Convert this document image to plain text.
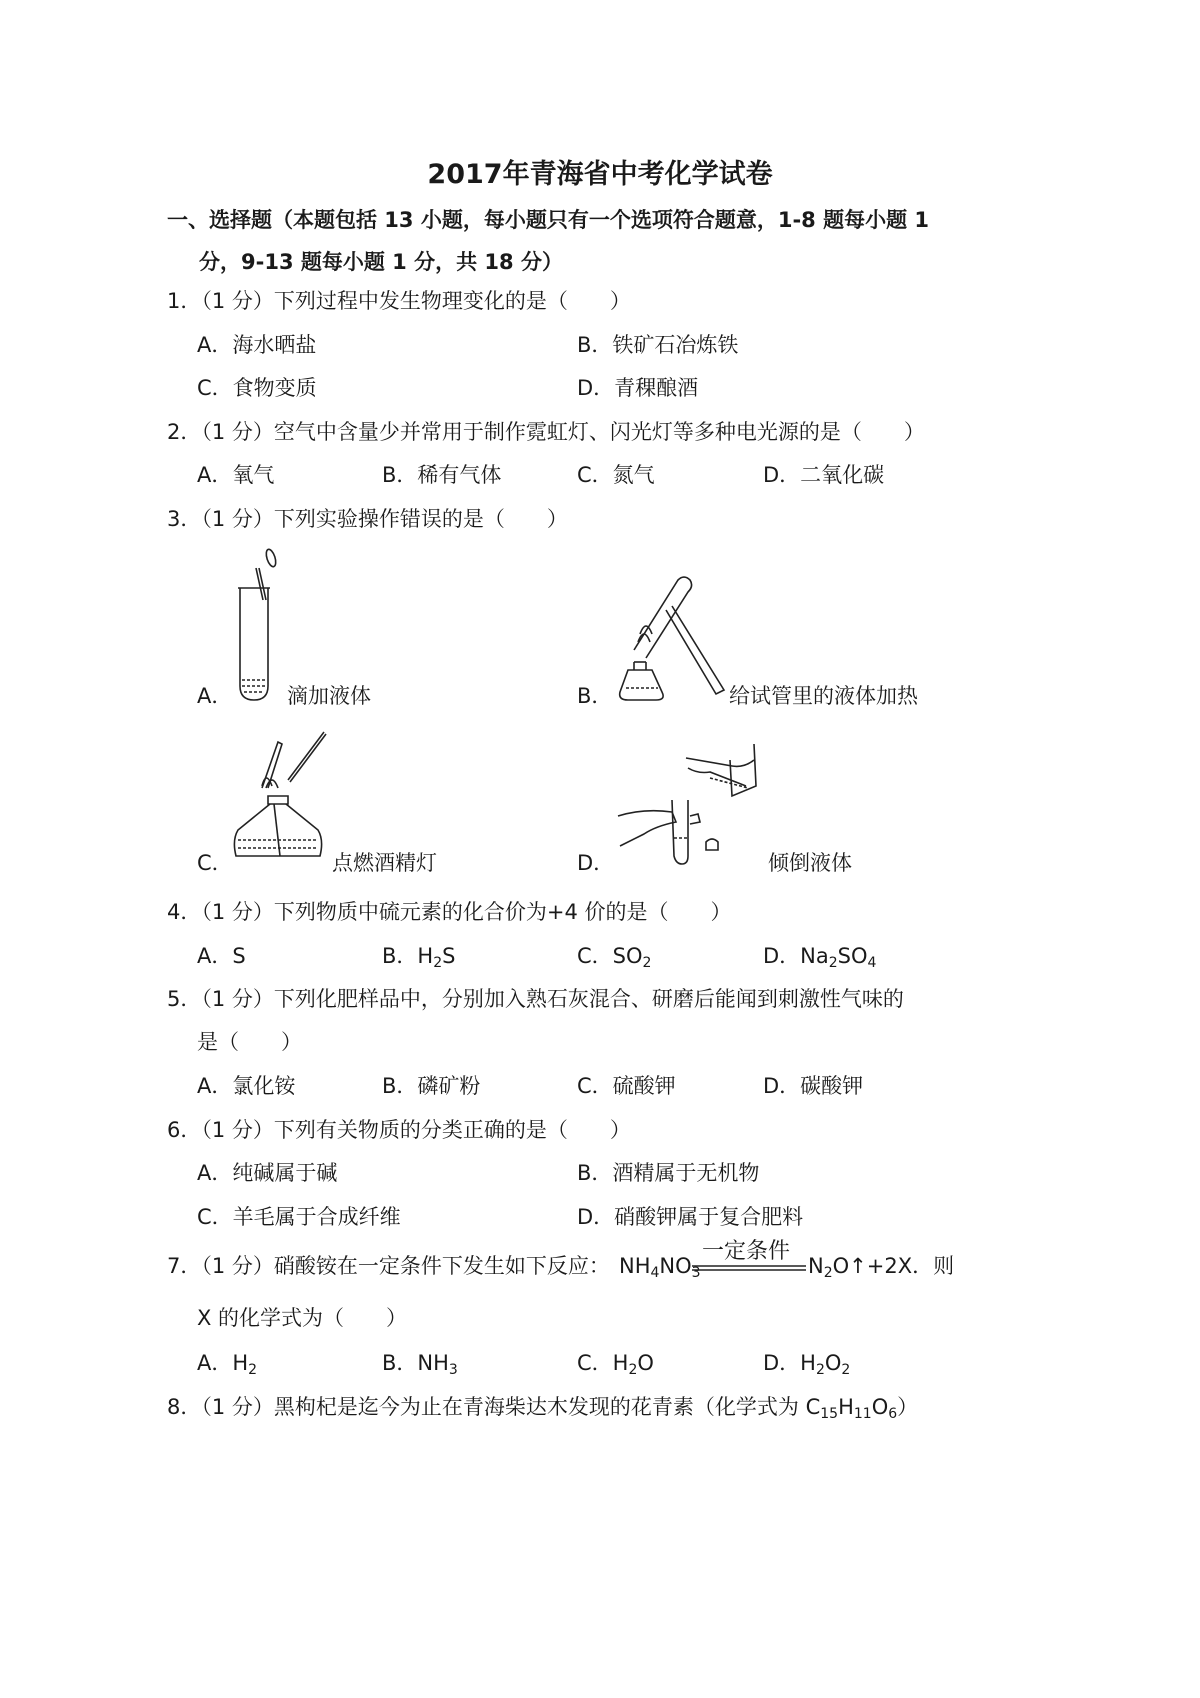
2017年青海省中考化学试卷
一、选择题（本题包括 13 小题，每小题只有一个选项符合题意，1-8 题每小题 1
分，9-13 题每小题 1 分，共 18 分）
1．（1 分）下列过程中发生物理变化的是（　　）
A．海水晒盐	B．铁矿石冶炼铁
C．食物变质	D．青稞酿酒
2．（1 分）空气中含量少并常用于制作霓虹灯、闪光灯等多种电光源的是（　　）
A．氧气	B．稀有气体	C．氮气	D．二氧化碳
3．（1 分）下列实验操作错误的是（　　）
A．	滴加液体	B．	给试管里的液体加热
C．	点燃酒精灯	D．	倾倒液体
4．（1 分）下列物质中硫元素的化合价为+4 价的是（　　）
A．S	B．$H_2S$	C．$SO_2$	D．$Na_2SO_4$
5．（1 分）下列化肥样品中，分别加入熟石灰混合、研磨后能闻到刺激性气味的
是（　　）
A．氯化铵	B．磷矿粉	C．硫酸钾	D．碳酸钾
6．（1 分）下列有关物质的分类正确的是（　　）
A．纯碱属于碱	B．酒精属于无机物
C．羊毛属于合成纤维	D．硝酸钾属于复合肥料
7．（1 分）硝酸铵在一定条件下发生如下反应： $NH_4NO_3$
一定条件
$N_2O↑+2X$．则
X 的化学式为（　　）
A．$H_2$	B．$NH_3$	C．$H_2O$	D．$H_2O_2$
8．（1 分）黑枸杞是迄今为止在青海柴达木发现的花青素（化学式为 $C_{15}H_{11}O_6$）
